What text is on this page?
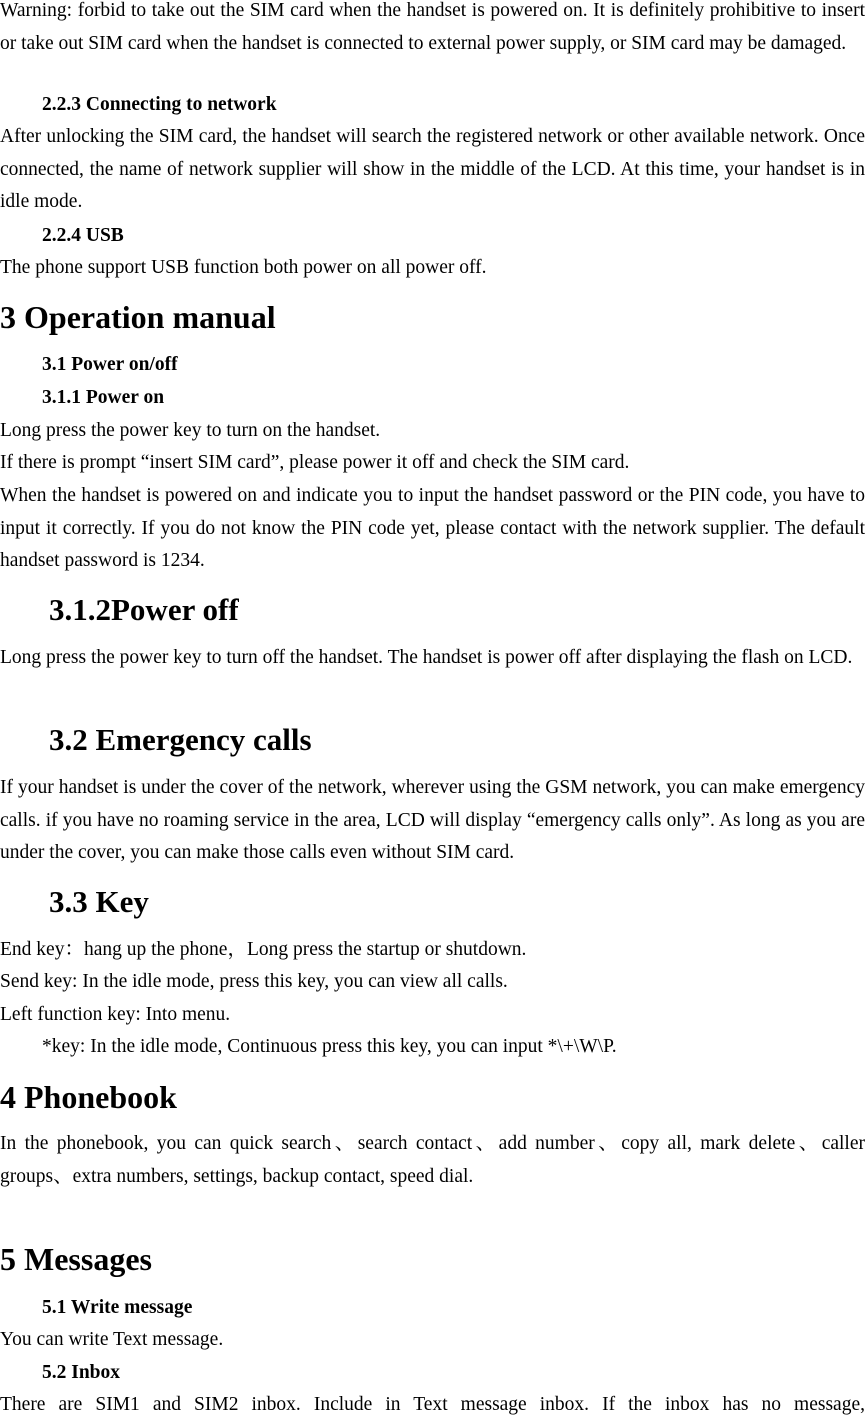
Warning: forbid to take out the SIM card when the handset is powered on. It is definitely prohibitive to insert or take out SIM card when the handset is connected to external power supply, or SIM card may be damaged.

2.2.3 Connecting to network

After unlocking the SIM card, the handset will search the registered network or other available network. Once connected, the name of network supplier will show in the middle of the LCD. At this time, your handset is in idle mode.

2.2.4 USB

The phone support USB function both power on all power off.

3 Operation manual

3.1 Power on/off

3.1.1 Power on

Long press the power key to turn on the handset.

If there is prompt “insert SIM card”, please power it off and check the SIM card.

When the handset is powered on and indicate you to input the handset password or the PIN code, you have to input it correctly. If you do not know the PIN code yet, please contact with the network supplier. The default handset password is 1234.

3.1.2Power off

Long press the power key to turn off the handset. The handset is power off after displaying the flash on LCD.

3.2 Emergency calls

If your handset is under the cover of the network, wherever using the GSM network, you can make emergency calls. if you have no roaming service in the area, LCD will display “emergency calls only”. As long as you are under the cover, you can make those calls even without SIM card.

3.3 Key

End key：hang up the phone，Long press the startup or shutdown.

Send key: In the idle mode, press this key, you can view all calls.

Left function key: Into menu.

*key: In the idle mode, Continuous press this key, you can input *\+\W\P.

4 Phonebook

In the phonebook, you can quick search、search contact、add number、copy all, mark delete、caller groups、extra numbers, settings, backup contact, speed dial.

5 Messages

5.1 Write message

You can write Text message.

5.2 Inbox

There are SIM1 and SIM2 inbox. Include in Text message inbox. If the inbox has no message,
